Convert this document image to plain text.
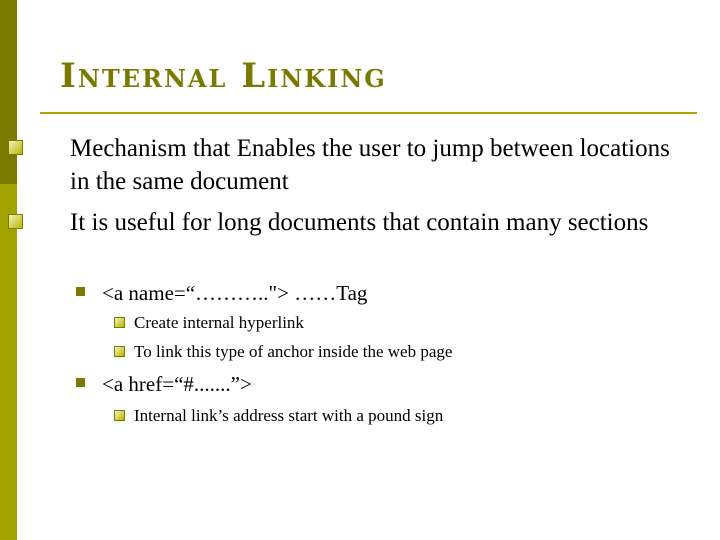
Internal Linking
Mechanism that Enables the user to jump between locations in the same document
It is useful for long documents that contain many sections
<a name=“……….."> ……Tag
Create internal hyperlink
To link this type of anchor inside the web page
<a href=“#.......”>
Internal link’s address start with a pound sign
